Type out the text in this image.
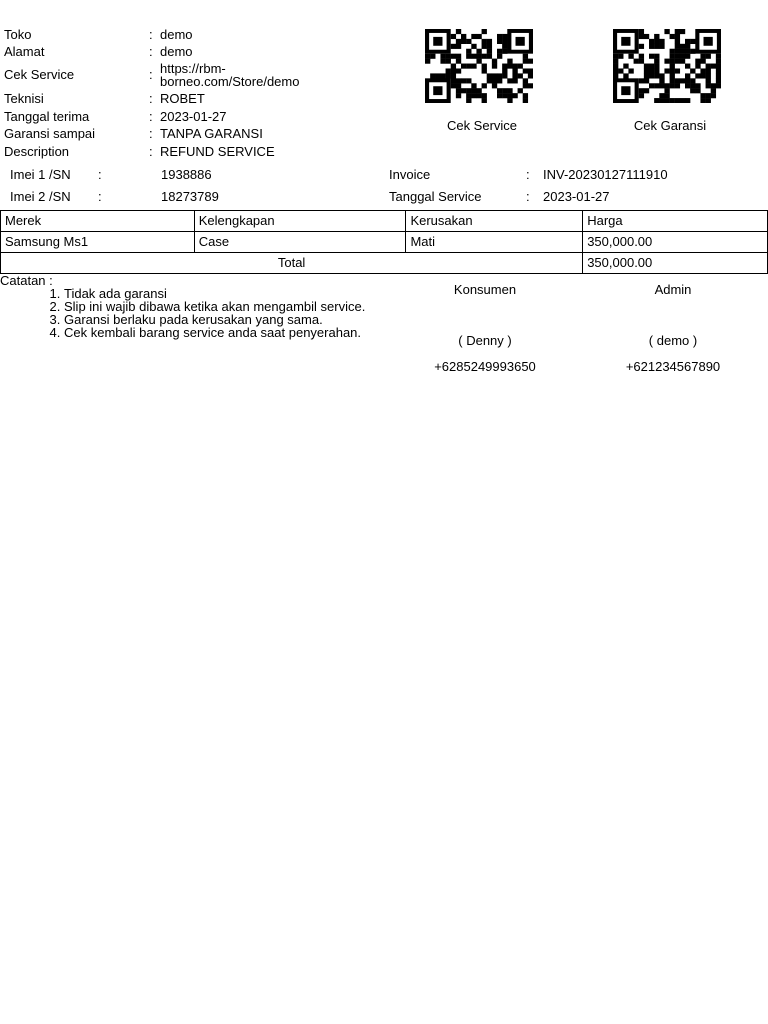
Toko	: demo
Alamat	: demo
Cek Service	: https://rbm-
borneo.com/Store/demo
Teknisi	: ROBET
Tanggal terima	: 2023-01-27
Garansi sampai	: TANPA GARANSI
Description	: REFUND SERVICE
Cek Service	Cek Garansi
Imei 1 /SN :	1938886
Imei 2 /SN :	18273789
Invoice	: INV-20230127111910
Tanggal Service	: 2023-01-27
Merek	Kelengkapan	Kerusakan	Harga
Samsung Ms1	Case	Mati	350,000.00
Total			350,000.00
Catatan :
1. Tidak ada garansi
2. Slip ini wajib dibawa ketika akan mengambil service.
3. Garansi berlaku pada kerusakan yang sama.
4. Cek kembali barang service anda saat penyerahan.
Konsumen
( Denny )
+6285249993650
Admin
( demo )
+621234567890
